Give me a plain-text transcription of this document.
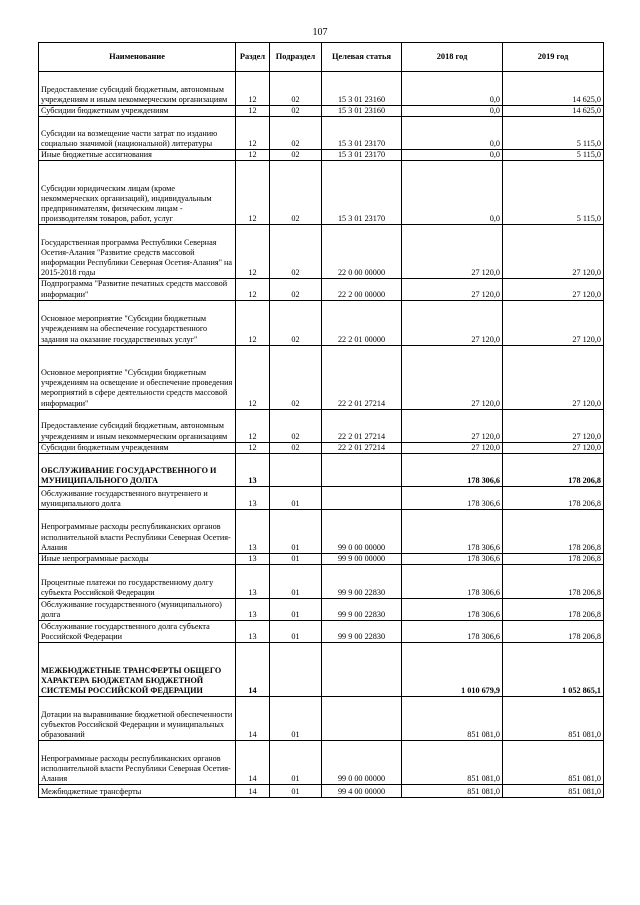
107
Наименование	Раздел	Подраздел	Целевая статья	2018 год	2019 год
Предоставление субсидий бюджетным, автономным учреждениям и иным некоммерческим организациям	12	02	15 3 01 23160	0,0	14 625,0
Субсидии бюджетным учреждениям	12	02	15 3 01 23160	0,0	14 625,0
Субсидии на возмещение части затрат по изданию социально значимой (национальной) литературы	12	02	15 3 01 23170	0,0	5 115,0
Иные бюджетные ассигнования	12	02	15 3 01 23170	0,0	5 115,0
Субсидии юридическим лицам (кроме некоммерческих организаций), индивидуальным предпринимателям, физическим лицам - производителям товаров, работ, услуг	12	02	15 3 01 23170	0,0	5 115,0
Государственная программа Республики Северная Осетия-Алания "Развитие средств массовой информации Республики Северная Осетия-Алания" на 2015-2018 годы	12	02	22 0 00 00000	27 120,0	27 120,0
Подпрограмма "Развитие печатных средств массовой информации"	12	02	22 2 00 00000	27 120,0	27 120,0
Основное мероприятие "Субсидии бюджетным учреждениям на обеспечение государственного задания на оказание государственных услуг"	12	02	22 2 01 00000	27 120,0	27 120,0
Основное мероприятие "Субсидии бюджетным учреждениям на освещение и обеспечение проведения мероприятий в сфере деятельности средств массовой информации"	12	02	22 2 01 27214	27 120,0	27 120,0
Предоставление субсидий бюджетным, автономным учреждениям и иным некоммерческим организациям	12	02	22 2 01 27214	27 120,0	27 120,0
Субсидии бюджетным учреждениям	12	02	22 2 01 27214	27 120,0	27 120,0
ОБСЛУЖИВАНИЕ ГОСУДАРСТВЕННОГО И МУНИЦИПАЛЬНОГО ДОЛГА	13			178 306,6	178 206,8
Обслуживание государственного внутреннего и муниципального долга	13	01		178 306,6	178 206,8
Непрограммные расходы республиканских органов исполнительной власти Республики Северная Осетия-Алания	13	01	99 0 00 00000	178 306,6	178 206,8
Иные непрограммные расходы	13	01	99 9 00 00000	178 306,6	178 206,8
Процентные платежи по государственному долгу субъекта Российской Федерации	13	01	99 9 00 22830	178 306,6	178 206,8
Обслуживание государственного (муниципального) долга	13	01	99 9 00 22830	178 306,6	178 206,8
Обслуживание государственного долга субъекта Российской Федерации	13	01	99 9 00 22830	178 306,6	178 206,8
МЕЖБЮДЖЕТНЫЕ ТРАНСФЕРТЫ ОБЩЕГО ХАРАКТЕРА БЮДЖЕТАМ БЮДЖЕТНОЙ СИСТЕМЫ РОССИЙСКОЙ ФЕДЕРАЦИИ	14			1 010 679,9	1 052 865,1
Дотации на выравнивание бюджетной обеспеченности субъектов Российской Федерации и муниципальных образований	14	01		851 081,0	851 081,0
Непрограммные расходы республиканских органов исполнительной власти Республики Северная Осетия-Алания	14	01	99 0 00 00000	851 081,0	851 081,0
Межбюджетные трансферты	14	01	99 4 00 00000	851 081,0	851 081,0
